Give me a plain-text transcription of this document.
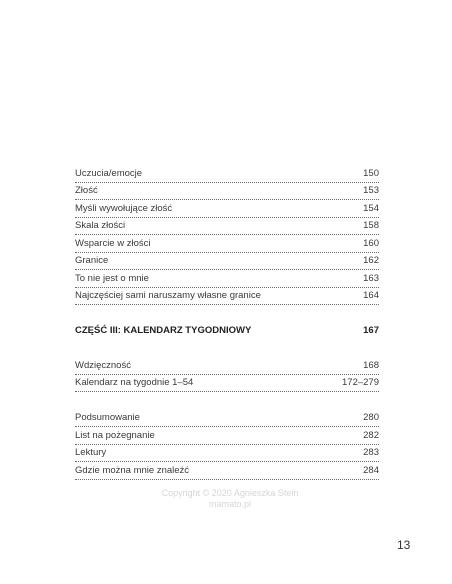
Uczucia/emocje	150
Złość	153
Myśli wywołujące złość	154
Skala złości	158
Wsparcie w złości	160
Granice	162
To nie jest o mnie	163
Najczęściej sami naruszamy własne granice	164
CZĘŚĆ III: KALENDARZ TYGODNIOWY	167
Wdzięczność	168
Kalendarz na tygodnie 1–54	172–279
Podsumowanie	280
List na pożegnanie	282
Lektury	283
Gdzie można mnie znaleźć	284
Copyright © 2020 Agnieszka Stein
mamato.pl
13
